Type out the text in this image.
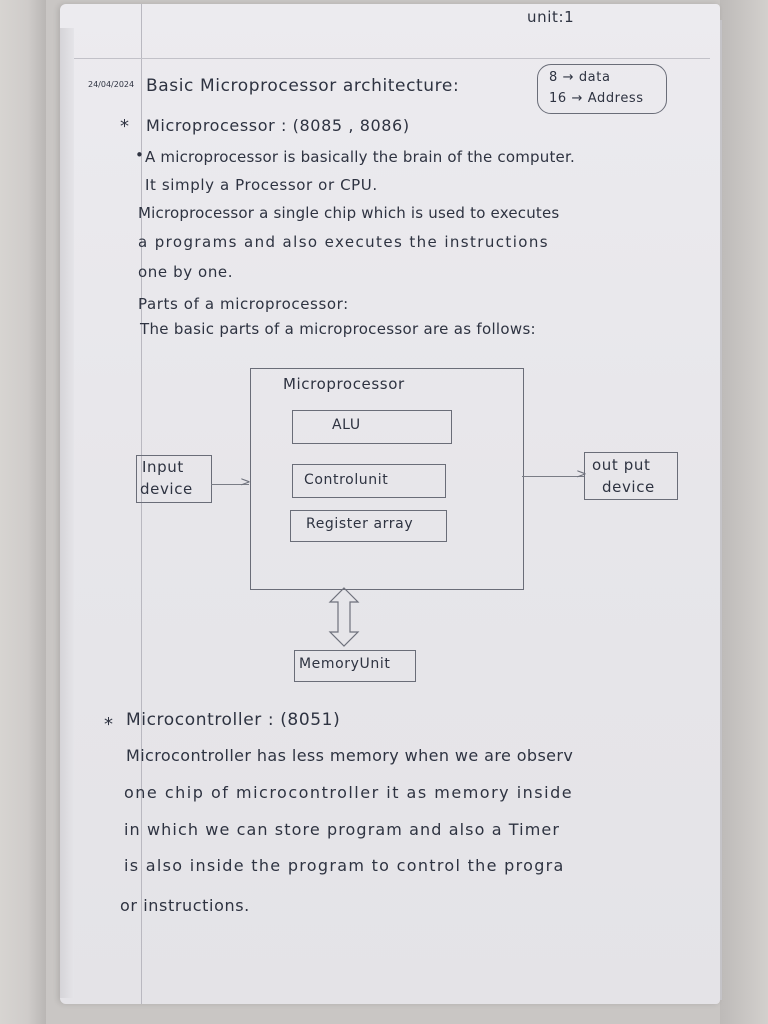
unit:1
24/04/2024 Basic Microprocessor architecture:	8 → data
16 → Address
* Microprocessor : (8085 , 8086)
• A microprocessor is basically the brain of the computer.
It simply a Processor or CPU.
Microprocessor a single chip which is used to executes
a programs and also executes the instructions
one by one.
Parts of a microprocessor:
The basic parts of a microprocessor are as follows:
Microprocessor
ALU
Controlunit
Register array
Input
device	>
>
out put
device
MemoryUnit
* Microcontroller : (8051)
Microcontroller has less memory when we are observ
one chip of microcontroller it as memory inside
in which we can store program and also a Timer
is also inside the program to control the progra
or instructions.
